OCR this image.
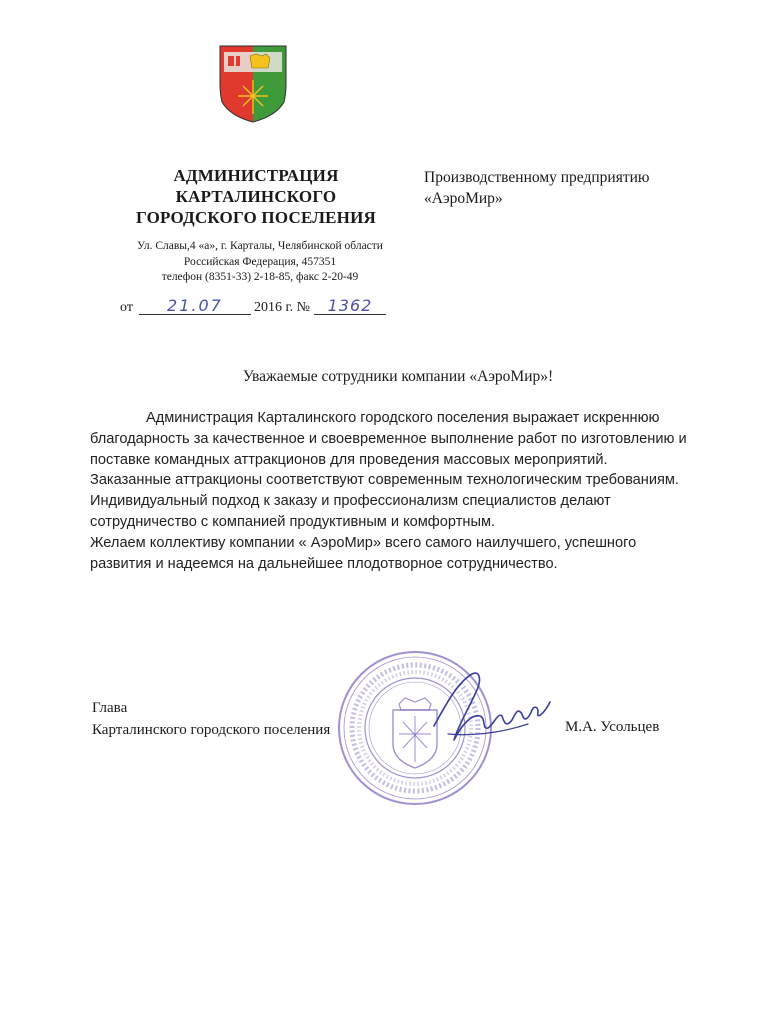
АДМИНИСТРАЦИЯ
КАРТАЛИНСКОГО
ГОРОДСКОГО ПОСЕЛЕНИЯ
Ул. Славы,4 «а», г. Карталы, Челябинской области
Российская Федерация, 457351
телефон (8351-33) 2-18-85, факс 2-20-49
от 21.07 2016 г. № 1362
Производственному предприятию
«АэроМир»
Уважаемые сотрудники компании «АэроМир»!

Администрация Карталинского городского поселения выражает искреннюю благодарность за качественное и своевременное выполнение работ по изготовлению и поставке командных аттракционов для проведения массовых мероприятий.

Заказанные аттракционы соответствуют современным технологическим требованиям. Индивидуальный подход к заказу и профессионализм специалистов делают сотрудничество с компанией продуктивным и комфортным.

Желаем коллективу компании « АэроМир» всего самого наилучшего, успешного развития и надеемся на дальнейшее плодотворное сотрудничество.

Глава
Карталинского городского поселения	М.А. Усольцев
